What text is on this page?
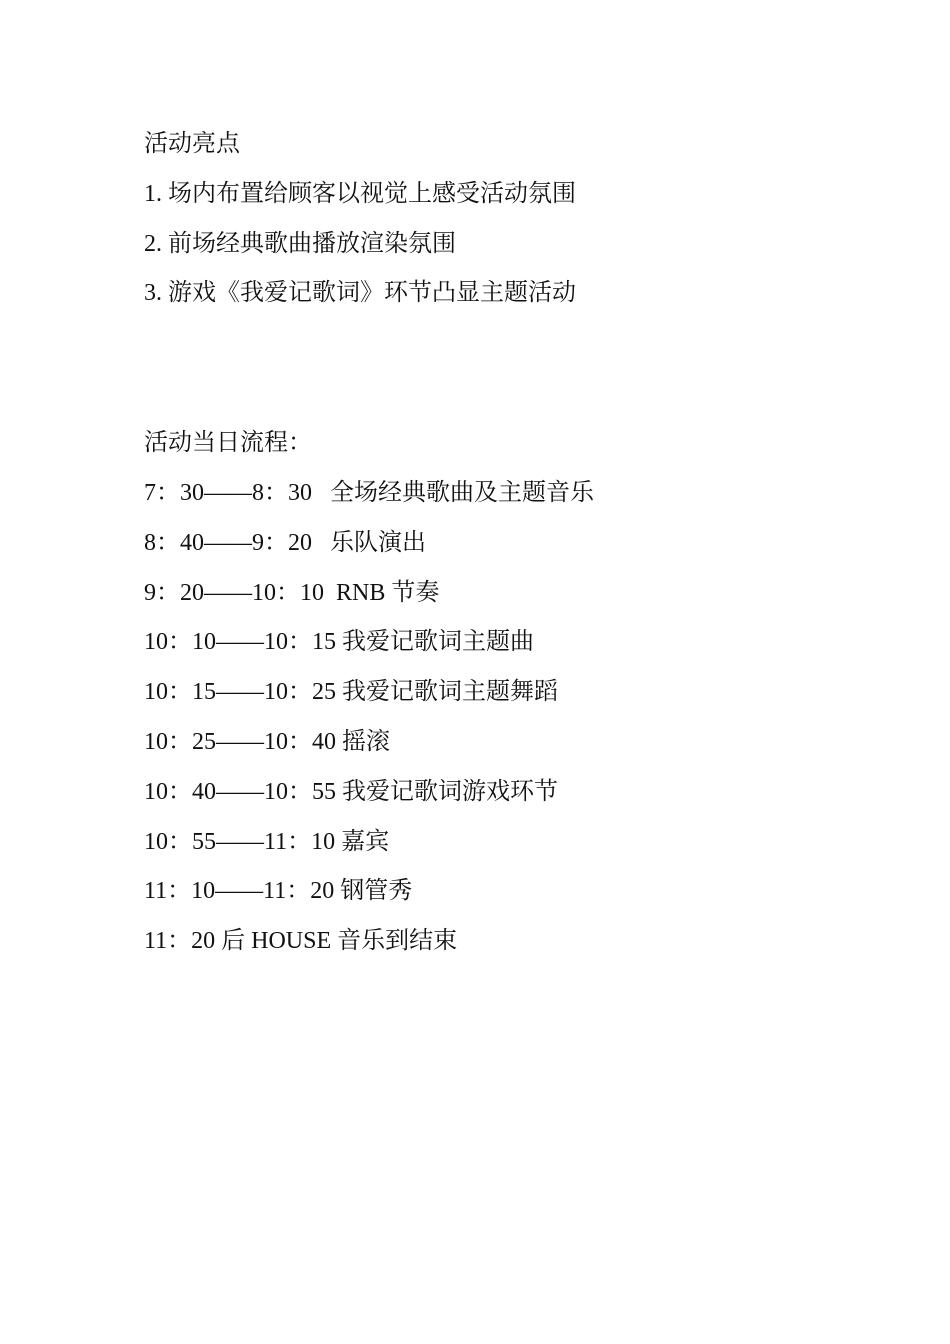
活动亮点
1. 场内布置给顾客以视觉上感受活动氛围
2. 前场经典歌曲播放渲染氛围
3. 游戏《我爱记歌词》环节凸显主题活动
活动当日流程：
7：30——8：30   全场经典歌曲及主题音乐
8：40——9：20   乐队演出
9：20——10：10  RNB 节奏
10：10——10：15 我爱记歌词主题曲
10：15——10：25 我爱记歌词主题舞蹈
10：25——10：40 摇滚
10：40——10：55 我爱记歌词游戏环节
10：55——11：10 嘉宾
11：10——11：20 钢管秀
11：20 后 HOUSE 音乐到结束
